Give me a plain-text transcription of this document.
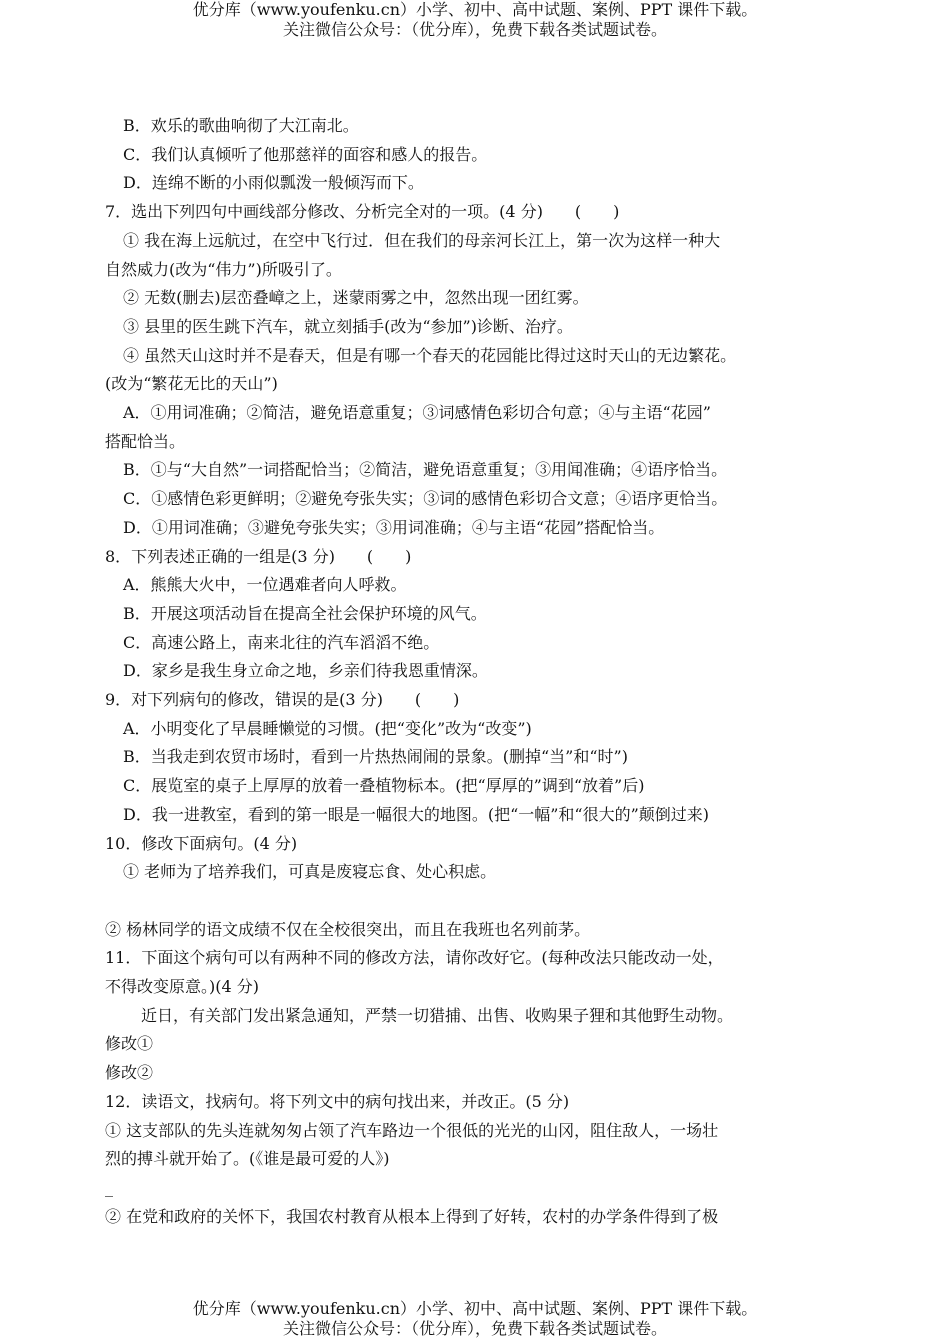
优分库（www.youfenku.cn）小学、初中、高中试题、案例、PPT 课件下载。
关注微信公众号：（优分库），免费下载各类试题试卷。
B．欢乐的歌曲响彻了大江南北。
C．我们认真倾听了他那慈祥的面容和感人的报告。
D．连绵不断的小雨似瓢泼一般倾泻而下。
7．选出下列四句中画线部分修改、分析完全对的一项。(4 分)　　(　　)
① 我在海上远航过，在空中飞行过．但在我们的母亲河长江上，第一次为这样一种大
自然威力(改为“伟力”)所吸引了。
② 无数(删去)层峦叠嶂之上，迷蒙雨雾之中，忽然出现一团红雾。
③ 县里的医生跳下汽车，就立刻插手(改为“参加”)诊断、治疗。
④ 虽然天山这时并不是春天，但是有哪一个春天的花园能比得过这时天山的无边繁花。
(改为“繁花无比的天山”)
A．①用词准确；②简洁，避免语意重复；③词感情色彩切合句意；④与主语“花园”
搭配恰当。
B．①与“大自然”一词搭配恰当；②简洁，避免语意重复；③用闻准确；④语序恰当。
C．①感情色彩更鲜明；②避免夸张失实；③词的感情色彩切合文意；④语序更恰当。
D．①用词准确；③避免夸张失实；③用词准确；④与主语“花园”搭配恰当。
8．下列表述正确的一组是(3 分)　　(　　)
A．熊熊大火中，一位遇难者向人呼救。
B．开展这项活动旨在提高全社会保护环境的风气。
C．高速公路上，南来北往的汽车滔滔不绝。
D．家乡是我生身立命之地，乡亲们待我恩重情深。
9．对下列病句的修改，错误的是(3 分)　　(　　)
A．小明变化了早晨睡懒觉的习惯。(把“变化”改为“改变”)
B．当我走到农贸市场时，看到一片热热闹闹的景象。(删掉“当”和“时”)
C．展览室的桌子上厚厚的放着一叠植物标本。(把“厚厚的”调到“放着”后)
D．我一进教室，看到的第一眼是一幅很大的地图。(把“一幅”和“很大的”颠倒过来)
10．修改下面病句。(4 分)
① 老师为了培养我们，可真是废寝忘食、处心积虑。
② 杨林同学的语文成绩不仅在全校很突出，而且在我班也名列前茅。
11．下面这个病句可以有两种不同的修改方法，请你改好它。(每种改法只能改动一处，
不得改变原意。)(4 分)
近日，有关部门发出紧急通知，严禁一切猎捕、出售、收购果子狸和其他野生动物。
修改①
修改②
12．读语文，找病句。将下列文中的病句找出来，并改正。(5 分)
① 这支部队的先头连就匆匆占领了汽车路边一个很低的光光的山冈，阻住敌人，一场壮
烈的搏斗就开始了。(《谁是最可爱的人》)
_
② 在党和政府的关怀下，我国农村教育从根本上得到了好转，农村的办学条件得到了极
优分库（www.youfenku.cn）小学、初中、高中试题、案例、PPT 课件下载。
关注微信公众号：（优分库），免费下载各类试题试卷。
